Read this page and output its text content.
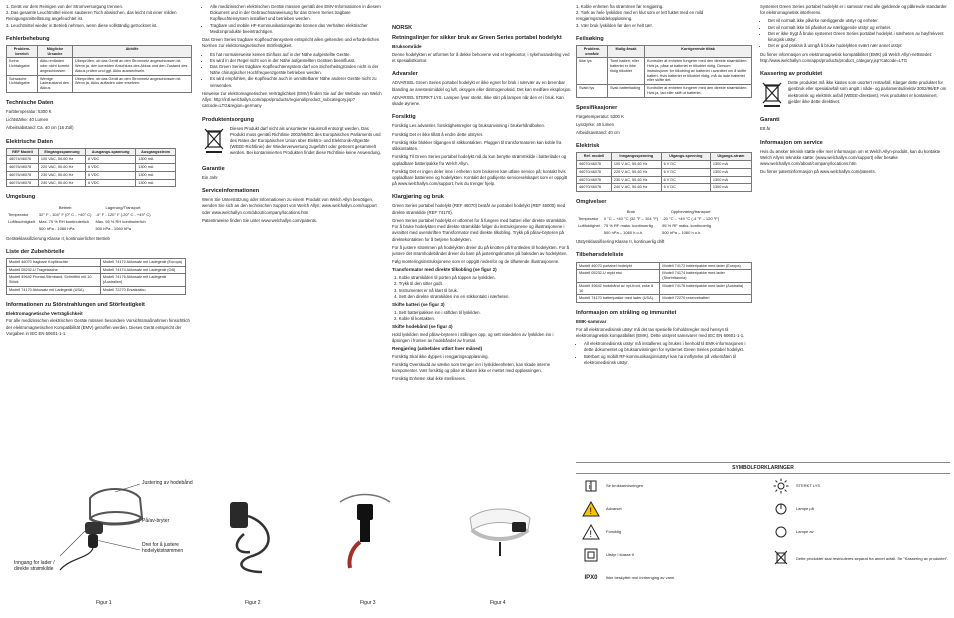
1. Gerät vor dem Reinigen von der Stromversorgung trennen.
2. Das gesamte Leuchtmittel einem sauberen Tuch abwischen, das leicht mit einer milden Reinigungsmittellösung angefeuchtet ist.
3. Leuchtmittel wieder in Betrieb nehmen, wenn diese vollständig getrocknet ist.
Fehlerbehebung
Problem-bereich	Mögliche Ursache	Abhilfe
Keine Lichtabgabe	Akku entladen oder nicht korrekt angeschlossen	Überprüfen, ob das Gerät an den Stromnetz angeschlossen ist. Wenn ja, den korrekten Anschluss des Akkus und den Zustand des Akkus prüfen und ggf. Akku auswechseln.
Schwache Lichtabgabe	Wenige Ladezustand des Akkus	Überprüfen, ob das Gerät an den Stromnetz angeschlossen ist. Wenn ja, Akku aufladen oder ersetzen.
Technische Daten

Farbtemperatur: 5300 K

Lichtstärke: 40 Lumen

Arbeitsabstand: Ca. 40 cm (16 Zoll)

Elektrische Daten
REF Modell	Eingangsspannung	Ausgangs-spannung	Ausgangsstrom
46074/46076	100 VAC, 50-60 Hz	6 VDC	1300 mA
46076/46078	220 VAC, 50-60 Hz	6 VDC	1300 mA
46076/46078	230 VAC, 50-60 Hz	6 VDC	1300 mA
46076/46078	240 VAC, 50-60 Hz	6 VDC	1300 mA
Umgebung
	Betrieb	Lagerung/Transport
Temperatur	32° F - 104° F (0° C - +40° C)	-4° F - 120° F (-20° C - +49° C)
Luftfeuchtigkeit	Max. 75 % RH kontinuierlich	Max. 95 % RH kontinuierlich
	500 hPa - 1060 hPa	500 hPa - 1060 hPa

Geräteklassifizierung Klasse II, kontinuierlicher Betrieb

Liste der Zubehörteile
Modell 46070 tragbare Kopfleuchte	Modell 74172 Akkusatz mit Ladegerät (Europa)
Modell 05232-U Tragetasche	Modell 74174 Akkusatz mit Ladegerät (GB)
Modell 49642 Frontal-Stirnband, Schnitthö mit 10 Stück	Modell 74176 Akkusatz mit Ladegerät (Australien)
Modell 74170 Akkusatz mit Ladegerät (USA)	Modell 72270 Ersatzakku
Informationen zu Störstrahlungen und Störfestigkeit
Elektromagnetische Verträglichkeit

Für alle medizinischen elektrischen Geräte müssen besondere Vorsichtsmaßnahmen hinsichtlich der elektromagnetischen Kompatibilität (EMV) getroffen werden. Dieses Gerät entspricht der Vorgaben in IEC EN 60601-1-1.

• Alle medizinischen elektrischen Geräte müssen gemäß den EMV-Informationen in diesem Dokument und in der Gebrauchsanweisung für das Green Series tragbare Kopfleuchtensystem installiert und betrieben werden.
• Tragbare und mobile HF-Kommunikationsgeräte können das Verhalten elektrischer Medizinprodukte beeinträchtigen.

Das Green Series tragbare Kopfleuchtensystem entspricht allen geltenden und erforderlichen Normen zur elektromagnetischen Störfestigkeit.

• Es hat normalerweise keinen Einfluss auf in der Nähe aufgestellte Geräte.
• Es wird in der Regel nicht von in der Nähe aufgestellten Geräten beeinflusst.
• Das Green Series tragbare Kopfleuchtensystem darf von Sicherheitsgründen nicht in der Nähe chirurgischer Hochfrequenzgeräte betrieben werden.
• Es wird empfohlen, die Kopfleuchte auch in unmittelbarer Nähe anderer Geräte nicht zu verwenden.

Hinweise zur elektromagnetischen Verträglichkeit (EMV) finden Sie auf der Website von Welch Allyn: http://intl.welchallyn.com/apps/products/regional/product_subcategory.jsp?catcode=LTG&region=germany

Produktentsorgung

Dieses Produkt darf nicht als unsortierter Hausmüll entsorgt werden. Das Produkt muss gemäß Richtlinie 2002/96/EG des Europäischen Parlaments und des Rates der Europäischen Union über Elektro- und Elektronik-Altgeräte (WEEE-Richtlinie) der Wiederverwertung zugeführt oder getrennt gesammelt werden. Bei kontaminierten Produkten findet diese Richtlinie keine Anwendung.

Garantie

Ein Jahr

Serviceinformationen

Wenn Sie Unterstützung oder Informationen zu einem Produkt von Welch Allyn benötigen, wenden Sie sich an den technischen Support von Welch Allyn: www.welchallyn.com/support oder www.welchallyn.com/about/company/locations.htm

Patentinweise finden Sie unter www.welchallyn.com/patents.

NORSK
Retningslinjer for sikker bruk av Green Series portabel hodelykt
Bruksområde

Denne hodelykten er utformet for å dekke behovene ved et legekontor, i sykehusavdeling ved et spesialistkontor.

Advarsler

ADVARSEL Green Series portabel hodelykt er ikke egnet for bruk i nærvær av en brennbar blanding av anestesimiddel og luft, oksygen eller dinitrogenoksid. Det kan medføre eksplosjon.

ADVARSEL STERKT LYS. Lampen lyser sterkt. Ikke stirr på lampen når den er i bruk. Kan skade øynene.

Forsiktig

Forsiktig Les advarsler, forsiktighetsregler og bruksanvisning i brukerhåndboken.

Forsiktig Det er ikke tillatt å endre dette utstyret.

Forsiktig Ikke blokker tilgangen til stikkontakten. Pluggen til transformatoren kan koble fra stikkontakten.

Forsiktig Til Green Series portabel hodelykt må du kun benytte strømmkilde i batterilader og oppladbare batteripakke fra Welch Allyn.

Forsiktig Det er ingen deler inne i enheten som brukeren kan utføre service på; kontakt hvis oppladbare batteriene og hodelykten. Kontakt det godkjente serviceselskapet som er oppgitt på www.welchallyn.com/support, hvis du trenger hjelp.

Klargjøring og bruk

Green Series portabel hodelykt (REF 46070) består av portabel hodelykt (REF 46000) med direkte strømkilde (REF 74170).

Green Series portabel hodelykt er utformet for å fungere med batteri eller direkte strømkilde. For å bruke hodelykten med direkte strømkilde følger du instruksjonene og illustrasjonene i avsnittet med overskriften Transformator med direkte tilkobling. Trykk på på/av-bryteren på direktekontakten for å betjene hodelykten.

For å justere strømmen på hodelykten dreier du på knotten på frontleden til hodelykten. For å justere det stramhodebåndet dreier du bare på justeringsknotten på baksiden av hodelykten.

Følg monteringsinstruksjonene som er oppgitt nedenfor og de tilhørende illustrasjonene.

Transformator med direkte tilkobling (se figur 2)
1. Koble strømkilden til porten på toppen av lyskilden.
2. Trykk til den sitter godt.
3. Instrumentet er nå klart til bruk.
4. Sett den direkte strømkilden inn en stikkontakt i nærheten.
Skifte batteri (se figur 3)
1. Sett batteripakken inn i stiftden til lyskilden.
2. Koble til kontakten.
Skifte hodebånd (se figur 4)

Hold lyskilden med på/av-bryteren i stillingen opp, og sett visiedelen av lyskilden inn i åpningen i fronten av hodebåndet av frontal.

Rengjøring (anbefales utført hver måned)

Forsiktig Skal ikke dyppes i rengjøringsoppløsning.

Forsiktig Overskudd av væske som trenger inn i lyskildeenheten, kan skade interne komponenter. Vær forsiktig og påse at kluten ikke er mettet med oppløsningen.

Forsiktig Enheten skal ikke steriliseres.

1. Koble enheten fra strømmen før rengjøring.
2. Tørk av hele lyskilden med en klut som er lett fuktet med en mild rengjøringsmiddeloppløsning.
3. Vær bruk lyskilden før den er helt tørr.
Feilsøking
Problem-område	Mulig årsak	Korrigerende tiltak
Ikke lys	Tomt batteri, eller batteriet er ikke riktig tilkoblet	Kontroller at enheten fungerer med den direkte strømkilden. Hvis ja, påse at batteriet er tilkoblet riktig. Dersom instruksjoner for tilkobling av batteriet i avsnittet om å skifte batteri. Hvis batteriet er tilkoblet riktig, må du lade batteriet eller skifte det.
Svakt lys	Svak batterilading	Kontroller at enheten fungerer med den direkte strømkilden. Hvis ja, lad eller skift ut batteriet.
Spesifikasjoner

Fargetemperatur: 5300 K

Lysstyrke: 40 lumen

Arbeidsavstand: 40 cm

Elektrisk
Ref. modell	Inngangsspenning	Utgangs-spenning	Utgangs-strøm
46070/46076	100 V AC, 50-60 Hz	6 V DC	1300 mA
46070/46076	220 V AC, 50-60 Hz	6 V DC	1300 mA
46070/46076	230 V AC, 50-60 Hz	6 V DC	1300 mA
46070/46076	240 V AC, 50-60 Hz	6 V DC	1300 mA
Omgivelser
	Bruk	Oppbevaring/transport
Temperatur	0 °C – +40 °C (32 °F – 104 °F)	-20 °C – +49 °C (-4 °F – 120 °F)
Luftfuktighet	75 % RF maks. kontinuerlig	95 % RF maks. kontinuerlig
	500 hPa – 1060 h.o.h.	500 hPa – 1060 h.o.h.

Utstyrsklassifisering Klasse II, kontinuerlig drift

Tilbehørsdeleliste
Modell 46070 portabel hodelykt	Modell 74172 batteripakke med lader (Europa)
Modell 05232-U mykt etui	Modell 74174 batteripakke med lader (Storbritannia)
Modell 49642 hodebånd av nyt-front, eske å 10	Modell 74176 batteripakke med lader (Australia)
Modell 74170 batteripakke med lader (USA)	Modell 72270 reservebatteri
Informasjon om stråling og immunitet
EMK-samsvar

For all elektromedisinsk utstyr må det tas spesielle forholdsregler med hensyn til elektromagnetisk kompatibilitet (EMK). Dette utstyret samsvarer med IEC EN 60601-1-1.

• All elektromedisinsk utstyr må installeres og brukes i henhold til EMK-informasjonen i dette dokumentet og bruksanvisningen for systemet Green Series portabel hodelykt.
• Bærbart og mobilt RF-kommunikasjonsutstyr kan ha innflytelse på virkemåten til elektromedisinsk utstyr.

Systemet Green Series portabel hodelykt er i samsvar med alle gjeldende og påkrevde standarder for elektromagnetisk interferens.

• Det vil normalt ikke påvirke nærliggende utstyr og enheter.
• Det vil normalt ikke bli påvirket av nærliggende utstyr og enheter.
• Det er ikke trygt å bruke systemet Green Series portabel hodelykt i nærheten av høyfrekvent kirurgisk utstyr.
• Det er god praksis å unngå å bruke hodelykten svært nær annet utstyr.

Du finner informasjon om elektromagnetisk kompatibilitet (EMK) på Welch Allyn-nettstedet: http://www.welchallyn.com/apps/products/product_category.jsp?catcode=LTG

Kassering av produktet

Dette produktet må ikke kastes som usortert restavfall. Klargør dette produktet for gjenbruk eller spesialavfall som angitt i nåde- og parlamentsdirektiv 2002/96/EF om elektronisk og elektrisk avfall (WEEE-direktivet). Hvis produktet er kontaminert, gjelder ikke dette direktivet.

Garanti

Ett år

Informasjon om service

Hvis du ønsker teknisk støtte eller mer informasjon om et Welch Allyn-produkt, kan du kontakte Welch Allyns tekniske støtte: (www.welchallyn.com/support) eller besøke www.welchallyn.com/about/company/locations.htm

Du finner patentinformasjon på www.welchallyn.com/patents.

Justering av hodebånd
På/av-bryter
Drei for å justere
hodelyktstrømmen
Inngang for lader /
direkte strømkilde
Figur 1	Figur 2	Figur 3	Figur 4
SYMBOLFORKLARINGER
i	Se bruksanvisningen
!	Advarsel
!	Forsiktig
Utstyr i klasse II
IPX0 Ikke beskyttet mot inntrenging av vann.
STERKT LYS
Lampe på
Lampe av
Dette produktet skal resirkuleres separat fra annet avfall. Se "Kassering av produktet".
